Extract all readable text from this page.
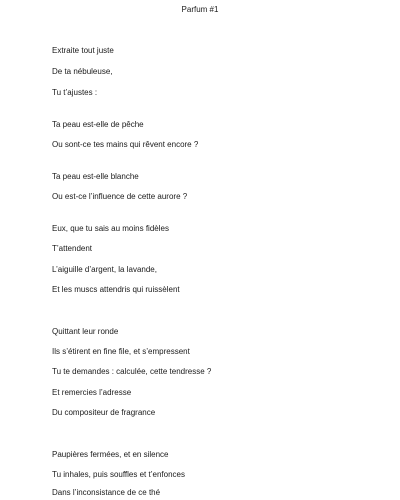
Parfum #1
Extraite tout juste
De ta nébuleuse,
Tu t’ajustes :
Ta peau est-elle de pêche
Ou sont-ce tes mains qui rêvent encore ?
Ta peau est-elle blanche
Ou est-ce l’influence de cette aurore ?
Eux, que tu sais au moins fidèles
T’attendent
L’aiguille d’argent, la lavande,
Et les muscs attendris qui ruissèlent
Quittant leur ronde
Ils s’étirent en fine file, et s’empressent
Tu te demandes : calculée, cette tendresse ?
Et remercies l’adresse
Du compositeur de fragrance
Paupières fermées, et en silence
Tu inhales, puis souffles et t’enfonces
Dans l’inconsistance de ce thé
